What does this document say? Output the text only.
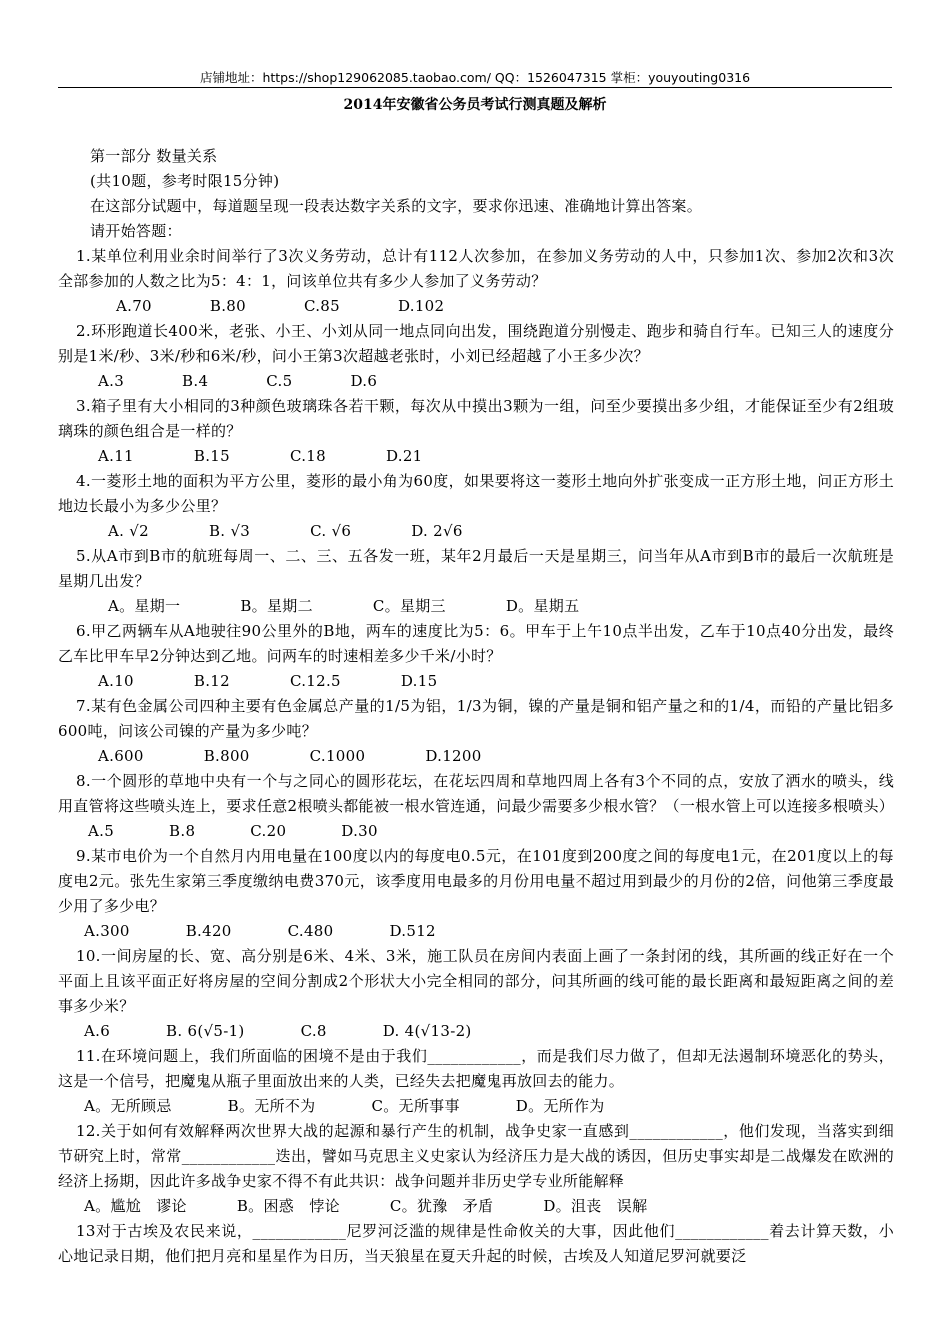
店铺地址：https://shop129062085.taobao.com/ QQ：1526047315 掌柜：youyouting0316
2014年安徽省公务员考试行测真题及解析

第一部分 数量关系

(共10题，参考时限15分钟)

在这部分试题中，每道题呈现一段表达数字关系的文字，要求你迅速、准确地计算出答案。

请开始答题：

1.某单位利用业余时间举行了3次义务劳动，总计有112人次参加，在参加义务劳动的人中，只参加1次、参加2次和3次全部参加的人数之比为5：4：1，问该单位共有多少人参加了义务劳动？

A.70	B.80	C.85	D.102

2.环形跑道长400米，老张、小王、小刘从同一地点同向出发，围绕跑道分别慢走、跑步和骑自行车。已知三人的速度分别是1米/秒、3米/秒和6米/秒，问小王第3次超越老张时，小刘已经超越了小王多少次？

A.3	B.4	C.5	D.6

3.箱子里有大小相同的3种颜色玻璃珠各若干颗，每次从中摸出3颗为一组，问至少要摸出多少组，才能保证至少有2组玻璃珠的颜色组合是一样的？

A.11	B.15	C.18	D.21

4.一菱形土地的面积为平方公里，菱形的最小角为60度，如果要将这一菱形土地向外扩张变成一正方形土地，问正方形土地边长最小为多少公里？

A. √2	B. √3	C. √6	D. 2√6

5.从A市到B市的航班每周一、二、三、五各发一班，某年2月最后一天是星期三，问当年从A市到B市的最后一次航班是星期几出发？

A。星期一	B。星期二	C。星期三	D。星期五

6.甲乙两辆车从A地驶往90公里外的B地，两车的速度比为5：6。甲车于上午10点半出发，乙车于10点40分出发，最终乙车比甲车早2分钟达到乙地。问两车的时速相差多少千米/小时？

A.10	B.12	C.12.5	D.15

7.某有色金属公司四种主要有色金属总产量的1/5为铝，1/3为铜，镍的产量是铜和铝产量之和的1/4，而铅的产量比铝多600吨，问该公司镍的产量为多少吨？

A.600	B.800	C.1000	D.1200

8.一个圆形的草地中央有一个与之同心的圆形花坛，在花坛四周和草地四周上各有3个不同的点，安放了洒水的喷头，线用直管将这些喷头连上，要求任意2根喷头都能被一根水管连通，问最少需要多少根水管？（一根水管上可以连接多根喷头）

A.5	B.8	C.20	D.30

9.某市电价为一个自然月内用电量在100度以内的每度电0.5元，在101度到200度之间的每度电1元，在201度以上的每度电2元。张先生家第三季度缴纳电费370元，该季度用电最多的月份用电量不超过用到最少的月份的2倍，问他第三季度最少用了多少电？

A.300	B.420	C.480	D.512

10.一间房屋的长、宽、高分别是6米、4米、3米，施工队员在房间内表面上画了一条封闭的线，其所画的线正好在一个平面上且该平面正好将房屋的空间分割成2个形状大小完全相同的部分，问其所画的线可能的最长距离和最短距离之间的差事多少米？

A.6	B. 6(√5-1)	C.8	D. 4(√13-2)

11.在环境问题上，我们所面临的困境不是由于我们____________，而是我们尽力做了，但却无法遏制环境恶化的势头，这是一个信号，把魔鬼从瓶子里面放出来的人类，已经失去把魔鬼再放回去的能力。

A。无所顾忌	B。无所不为	C。无所事事	D。无所作为

12.关于如何有效解释两次世界大战的起源和暴行产生的机制，战争史家一直感到____________，他们发现，当落实到细节研究上时，常常____________迭出，譬如马克思主义史家认为经济压力是大战的诱因，但历史事实却是二战爆发在欧洲的经济上扬期，因此许多战争史家不得不有此共识：战争问题并非历史学专业所能解释

A。尴尬   谬论	B。困惑   悖论	C。犹豫   矛盾	D。沮丧   误解

13对于古埃及农民来说，____________尼罗河泛滥的规律是性命攸关的大事，因此他们____________着去计算天数，小心地记录日期，他们把月亮和星星作为日历，当天狼星在夏天升起的时候，古埃及人知道尼罗河就要泛
